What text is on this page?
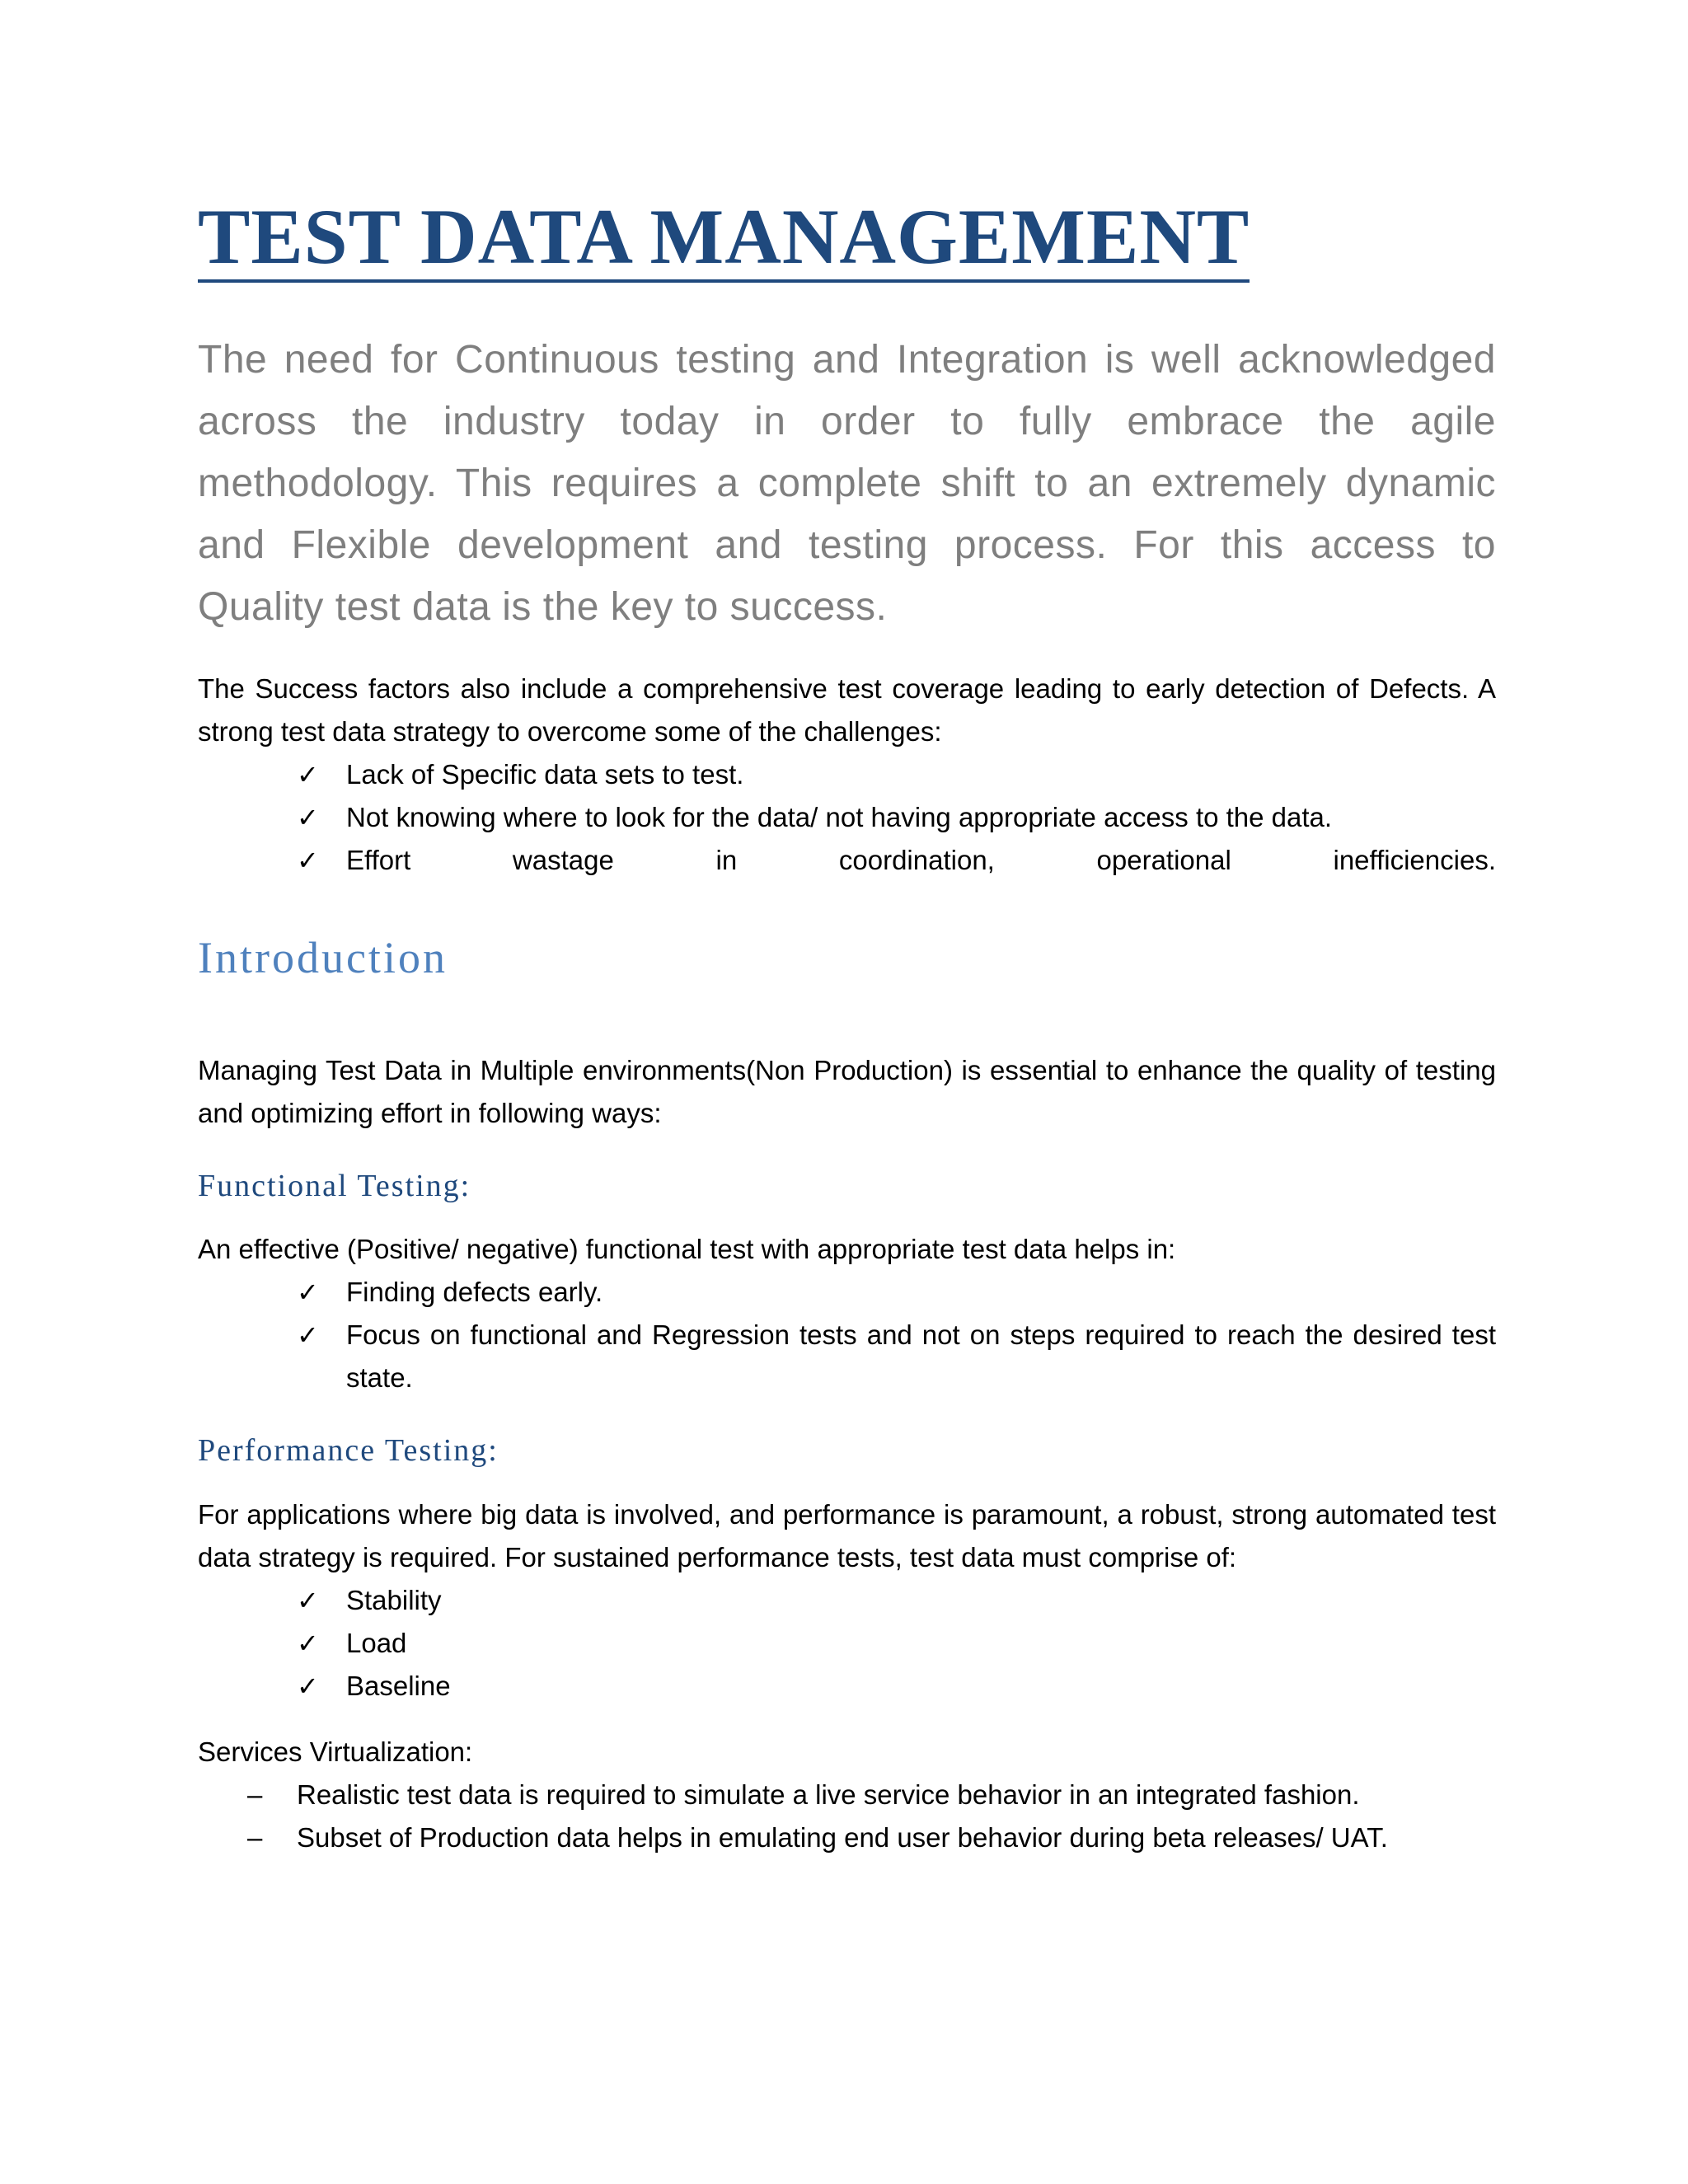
TEST DATA MANAGEMENT

The need for Continuous testing and Integration is well acknowledged across the industry today in order to fully embrace the agile methodology. This requires a complete shift to an extremely dynamic and Flexible development and testing process. For this access to Quality test data is the key to success.

The Success factors also include a comprehensive test coverage leading to early detection of Defects. A strong test data strategy to overcome some of the challenges:

✓ Lack of Specific data sets to test.
✓ Not knowing where to look for the data/ not having appropriate access to the data.
✓ Effort wastage in coordination, operational inefficiencies.
Introduction

Managing Test Data in Multiple environments(Non Production) is essential to enhance the quality of testing and optimizing effort in following ways:

Functional Testing:

An effective (Positive/ negative) functional test with appropriate test data helps in:

✓ Finding defects early.
✓ Focus on functional and Regression tests and not on steps required to reach the desired test state.
Performance Testing:

For applications where big data is involved, and performance is paramount, a robust, strong automated test data strategy is required. For sustained performance tests, test data must comprise of:

✓ Stability
✓ Load
✓ Baseline

Services Virtualization:

– Realistic test data is required to simulate a live service behavior in an integrated fashion.
– Subset of Production data helps in emulating end user behavior during beta releases/ UAT.
